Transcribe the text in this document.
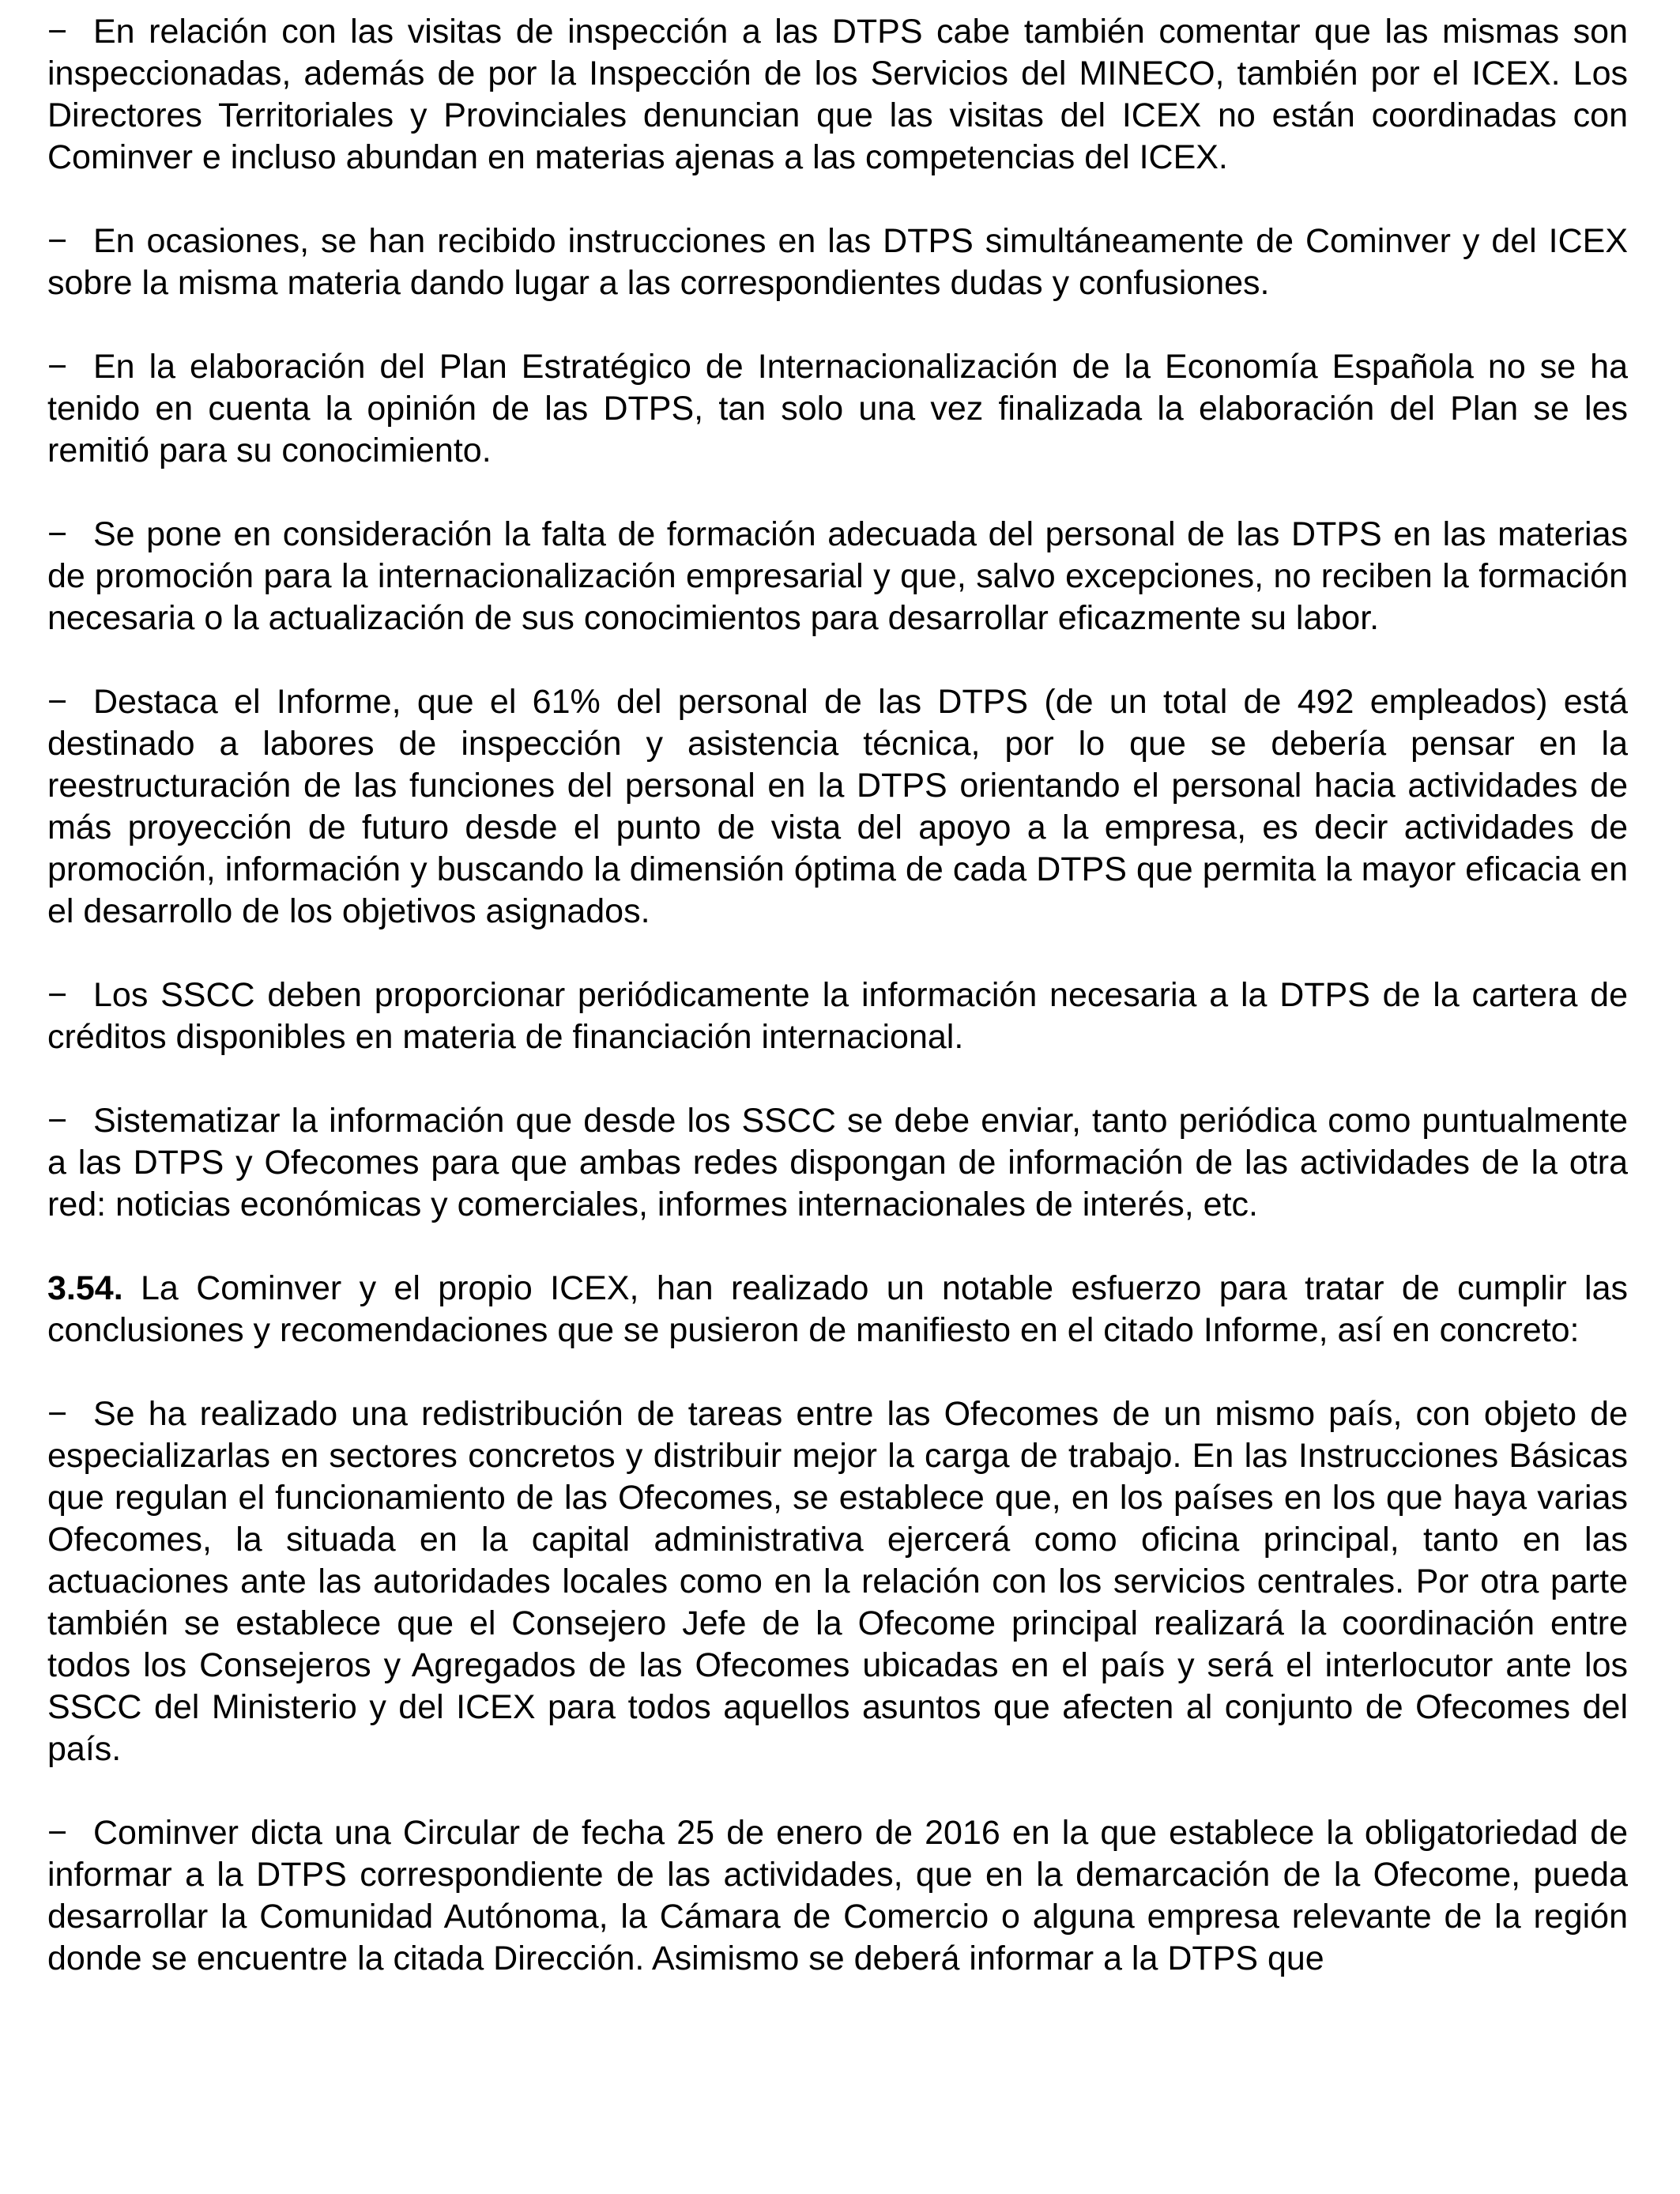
− En relación con las visitas de inspección a las DTPS cabe también comentar que las mismas son inspeccionadas, además de por la Inspección de los Servicios del MINECO, también por el ICEX. Los Directores Territoriales y Provinciales denuncian que las visitas del ICEX no están coordinadas con Cominver e incluso abundan en materias ajenas a las competencias del ICEX.

− En ocasiones, se han recibido instrucciones en las DTPS simultáneamente de Cominver y del ICEX sobre la misma materia dando lugar a las correspondientes dudas y confusiones.

− En la elaboración del Plan Estratégico de Internacionalización de la Economía Española no se ha tenido en cuenta la opinión de las DTPS, tan solo una vez finalizada la elaboración del Plan se les remitió para su conocimiento.

− Se pone en consideración la falta de formación adecuada del personal de las DTPS en las materias de promoción para la internacionalización empresarial y que, salvo excepciones, no reciben la formación necesaria o la actualización de sus conocimientos para desarrollar eficazmente su labor.

− Destaca el Informe, que el 61% del personal de las DTPS (de un total de 492 empleados) está destinado a labores de inspección y asistencia técnica, por lo que se debería pensar en la reestructuración de las funciones del personal en la DTPS orientando el personal hacia actividades de más proyección de futuro desde el punto de vista del apoyo a la empresa, es decir actividades de promoción, información y buscando la dimensión óptima de cada DTPS que permita la mayor eficacia en el desarrollo de los objetivos asignados.

− Los SSCC deben proporcionar periódicamente la información necesaria a la DTPS de la cartera de créditos disponibles en materia de financiación internacional.

− Sistematizar la información que desde los SSCC se debe enviar, tanto periódica como puntualmente a las DTPS y Ofecomes para que ambas redes dispongan de información de las actividades de la otra red: noticias económicas y comerciales, informes internacionales de interés, etc.

3.54. La Cominver y el propio ICEX, han realizado un notable esfuerzo para tratar de cumplir las conclusiones y recomendaciones que se pusieron de manifiesto en el citado Informe, así en concreto:

− Se ha realizado una redistribución de tareas entre las Ofecomes de un mismo país, con objeto de especializarlas en sectores concretos y distribuir mejor la carga de trabajo. En las Instrucciones Básicas que regulan el funcionamiento de las Ofecomes, se establece que, en los países en los que haya varias Ofecomes, la situada en la capital administrativa ejercerá como oficina principal, tanto en las actuaciones ante las autoridades locales como en la relación con los servicios centrales. Por otra parte también se establece que el Consejero Jefe de la Ofecome principal realizará la coordinación entre todos los Consejeros y Agregados de las Ofecomes ubicadas en el país y será el interlocutor ante los SSCC del Ministerio y del ICEX para todos aquellos asuntos que afecten al conjunto de Ofecomes del país.

− Cominver dicta una Circular de fecha 25 de enero de 2016 en la que establece la obligatoriedad de informar a la DTPS correspondiente de las actividades, que en la demarcación de la Ofecome, pueda desarrollar la Comunidad Autónoma, la Cámara de Comercio o alguna empresa relevante de la región donde se encuentre la citada Dirección. Asimismo se deberá informar a la DTPS que
